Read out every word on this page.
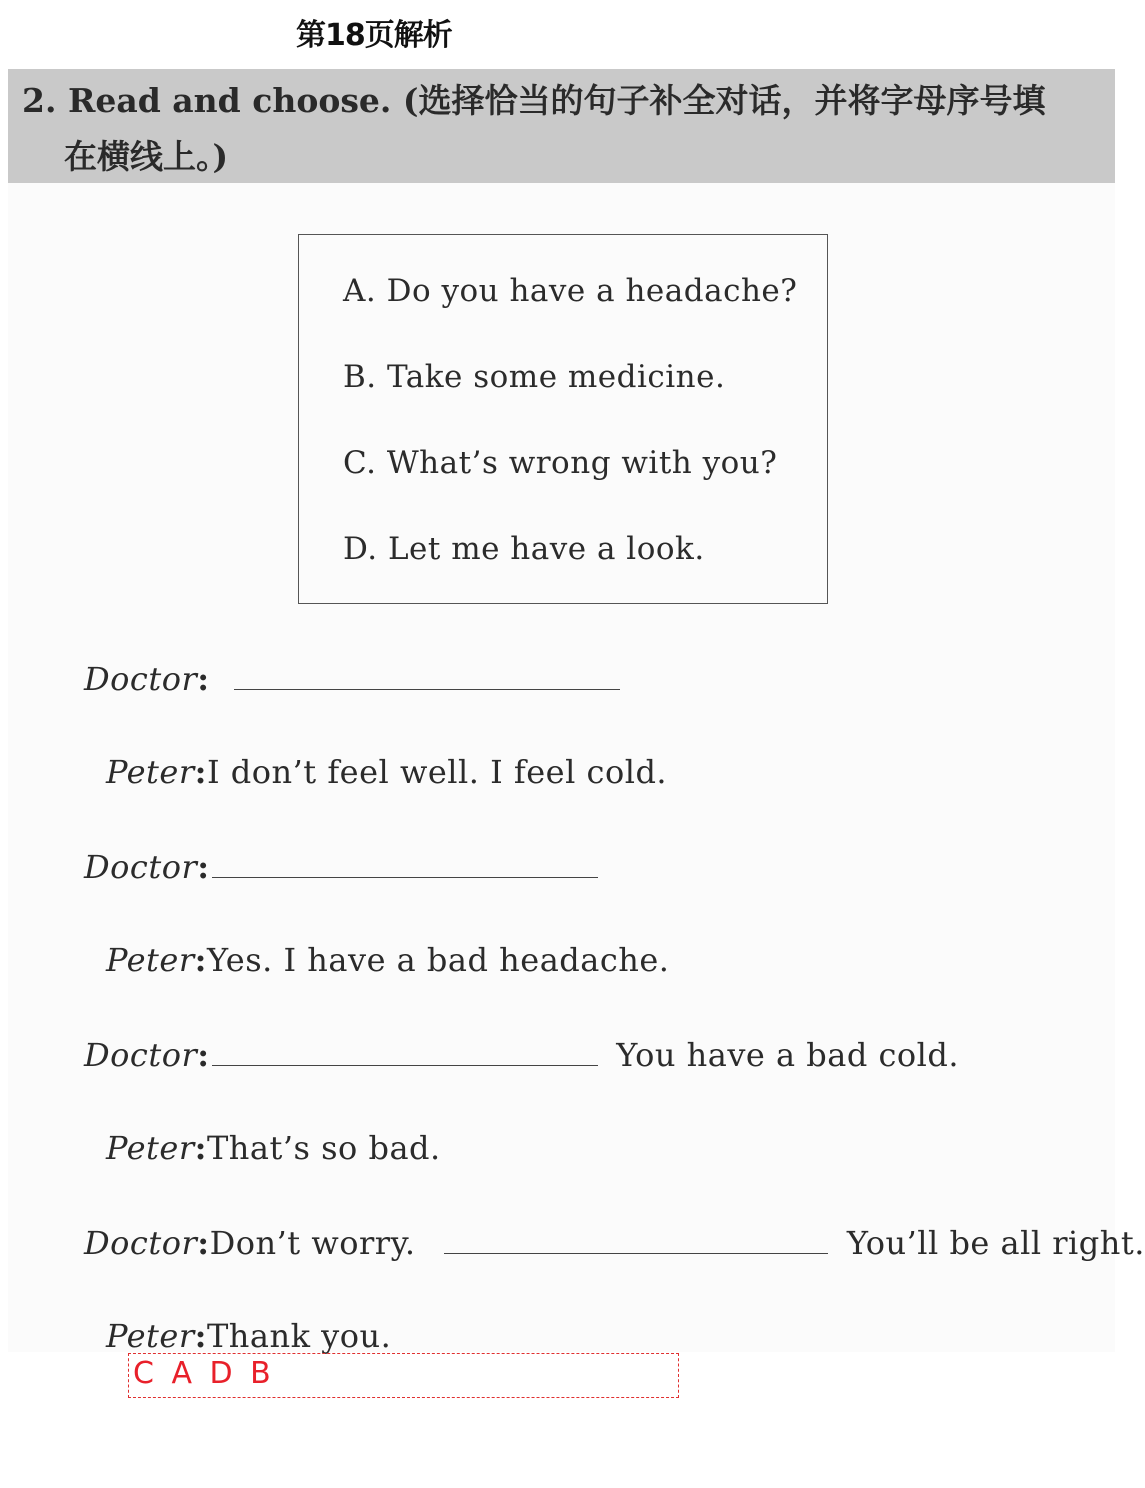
第18页解析
2. Read and choose. (选择恰当的句子补全对话，并将字母序号填
在横线上。)
A. Do you have a headache?
B. Take some medicine.
C. What’s wrong with you?
D. Let me have a look.
Doctor:
Peter:I don’t feel well. I feel cold.
Doctor:
Peter:Yes. I have a bad headache.
Doctor:	You have a bad cold.
Peter:That’s so bad.
Doctor:Don’t worry.	You’ll be all right.
Peter:Thank you.
C A D B
